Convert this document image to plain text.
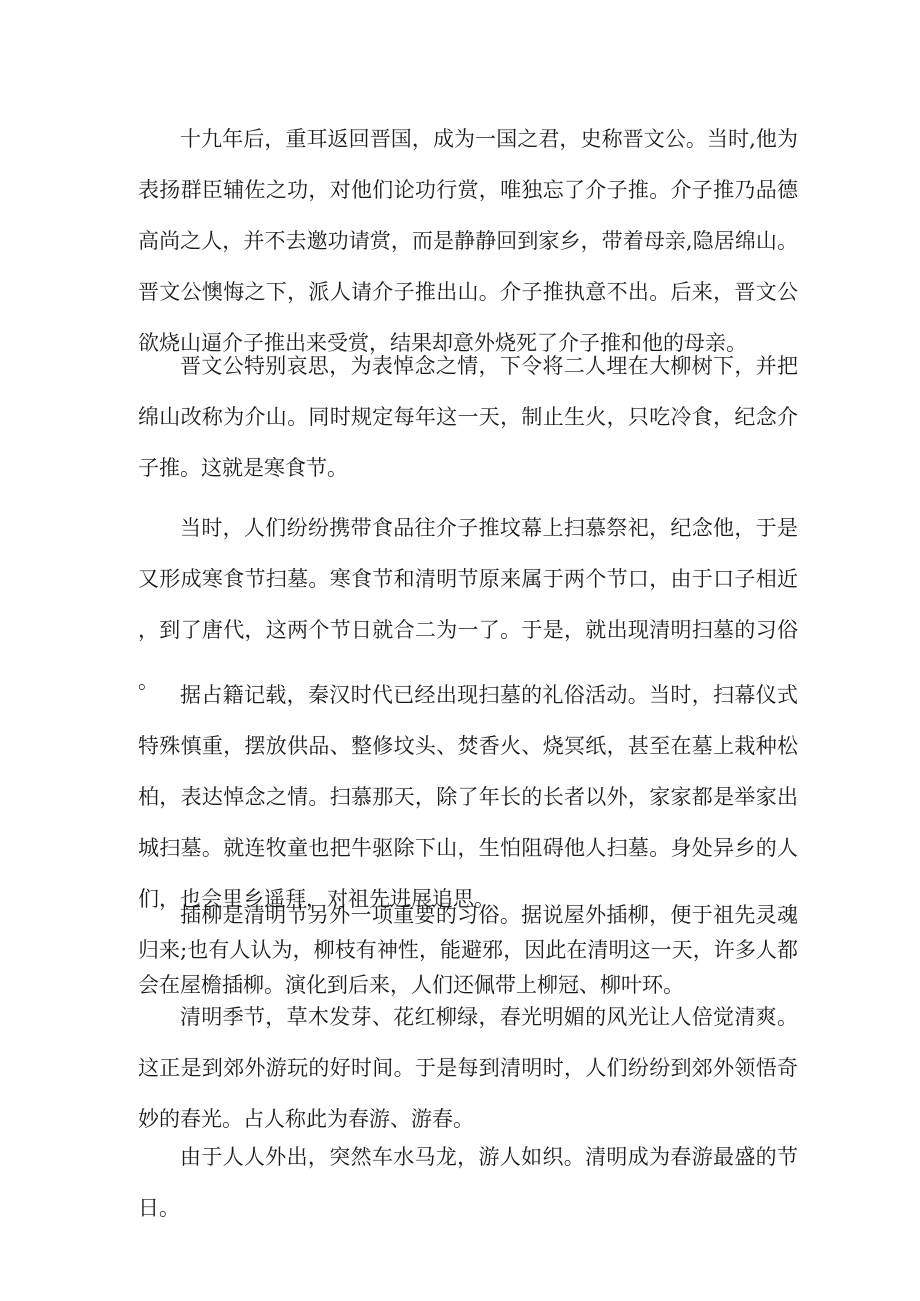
十九年后，重耳返回晋国，成为一国之君，史称晋文公。当时,他为表扬群臣辅佐之功，对他们论功行赏，唯独忘了介子推。介子推乃品德高尚之人，并不去邀功请赏，而是静静回到家乡，带着母亲,隐居绵山。晋文公懊悔之下，派人请介子推出山。介子推执意不出。后来，晋文公欲烧山逼介子推出来受赏，结果却意外烧死了介子推和他的母亲。

晋文公特别哀思，为表悼念之情，下令将二人埋在大柳树下，并把绵山改称为介山。同时规定每年这一天，制止生火，只吃冷食，纪念介子推。这就是寒食节。

当时，人们纷纷携带食品往介子推坟幕上扫慕祭祀，纪念他，于是又形成寒食节扫墓。寒食节和清明节原来属于两个节口，由于口子相近，到了唐代，这两个节日就合二为一了。于是，就出现清明扫墓的习俗。

据占籍记载，秦汉时代已经出现扫墓的礼俗活动。当时，扫幕仪式特殊慎重，摆放供品、整修坟头、焚香火、烧冥纸，甚至在墓上栽种松柏，表达悼念之情。扫慕那天，除了年长的长者以外，家家都是举家出城扫墓。就连牧童也把牛驱除下山，生怕阻碍他人扫墓。身处异乡的人们，也会里乡遥拜，对祖先进展追思。

插柳是清明节另外一项重要的习俗。据说屋外插柳，便于祖先灵魂归来;也有人认为，柳枝有神性，能避邪，因此在清明这一天，许多人都会在屋檐插柳。演化到后来，人们还佩带上柳冠、柳叶环。

清明季节，草木发芽、花红柳绿，春光明媚的风光让人倍觉清爽。这正是到郊外游玩的好时间。于是每到清明时，人们纷纷到郊外领悟奇妙的春光。占人称此为春游、游春。

由于人人外出，突然车水马龙，游人如织。清明成为春游最盛的节日。
